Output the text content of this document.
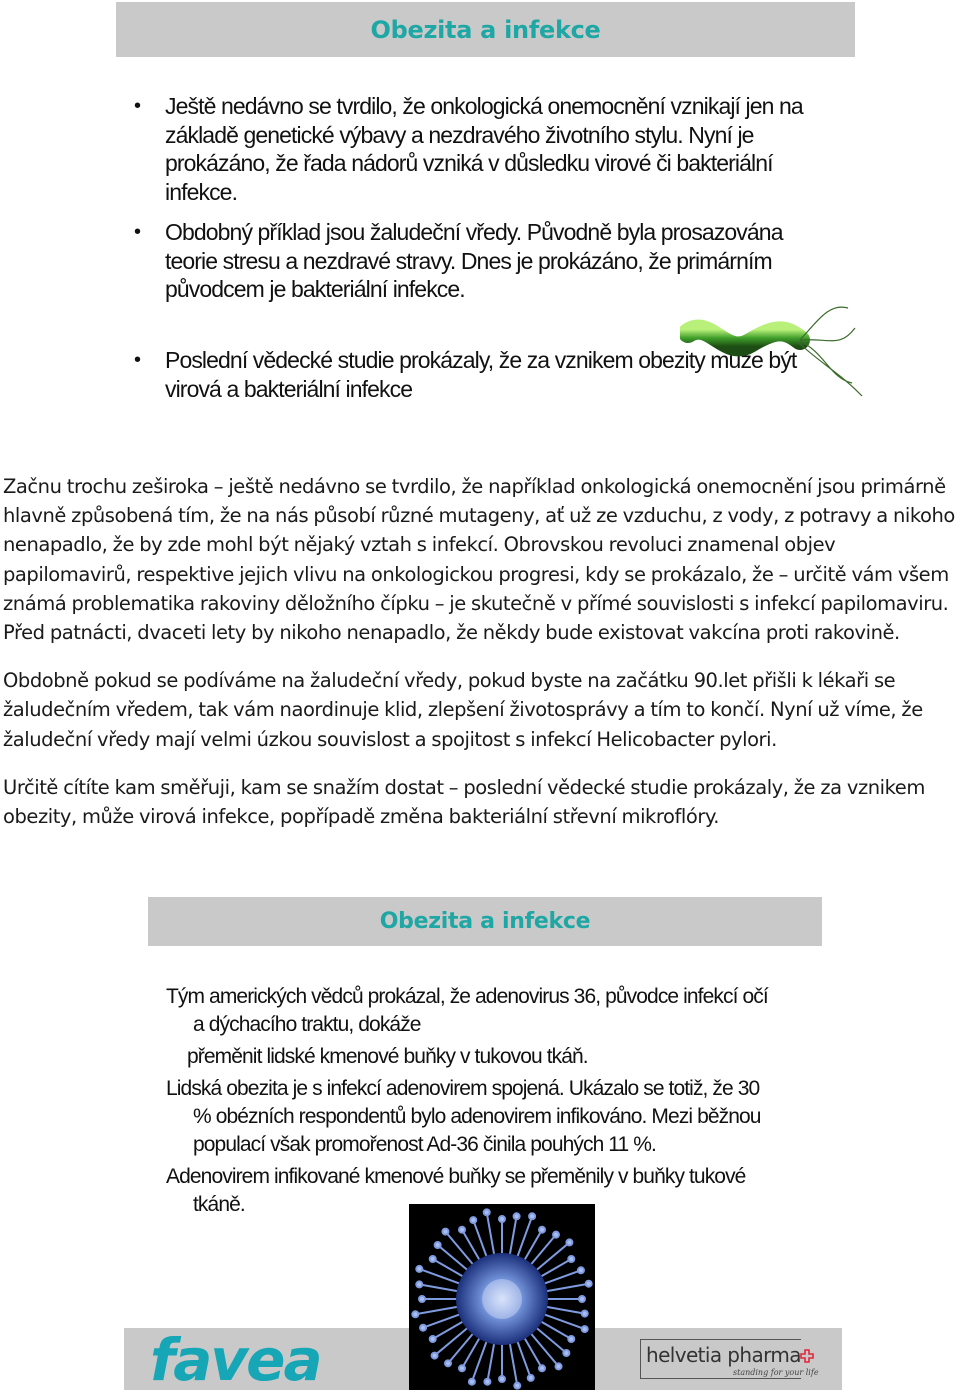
Obezita a infekce
• Ještě nedávno se tvrdilo, že onkologická onemocnění vznikají jen na základě genetické výbavy a nezdravého životního stylu. Nyní je prokázáno, že řada nádorů vzniká v důsledku virové či bakteriální infekce.
• Obdobný příklad jsou žaludeční vředy. Původně byla prosazována teorie stresu a nezdravé stravy. Dnes je prokázáno, že primárním původcem je bakteriální infekce.
• Poslední vědecké studie prokázaly, že za vznikem obezity může být virová a bakteriální infekce

Začnu trochu zeširoka – ještě nedávno se tvrdilo, že například onkologická onemocnění jsou primárně hlavně způsobená tím, že na nás působí různé mutageny, ať už ze vzduchu, z vody, z potravy a nikoho nenapadlo, že by zde mohl být nějaký vztah s infekcí. Obrovskou revoluci znamenal objev papilomavirů, respektive jejich vlivu na onkologickou progresi, kdy se prokázalo, že – určitě vám všem známá problematika rakoviny děložního čípku – je skutečně v přímé souvislosti s infekcí papilomaviru. Před patnácti, dvaceti lety by nikoho nenapadlo, že někdy bude existovat vakcína proti rakovině.

Obdobně pokud se podíváme na žaludeční vředy, pokud byste na začátku 90.let přišli k lékaři se žaludečním vředem, tak vám naordinuje klid, zlepšení životosprávy a tím to končí. Nyní už víme, že žaludeční vředy mají velmi úzkou souvislost a spojitost s infekcí Helicobacter pylori.

Určitě cítíte kam směřuji, kam se snažím dostat – poslední vědecké studie prokázaly, že za vznikem obezity, může virová infekce, popřípadě změna bakteriální střevní mikroflóry.

Obezita a infekce
Tým amerických vědců prokázal, že adenovirus 36, původce infekcí očí
a dýchacího traktu, dokáže
přeměnit lidské kmenové buňky v tukovou tkáň.
Lidská obezita je s infekcí adenovirem spojená. Ukázalo se totiž, že 30
% obézních respondentů bylo adenovirem infikováno. Mezi běžnou
populací však promořenost Ad-36 činila pouhých 11 %.
Adenovirem infikované kmenové buňky se přeměnily v buňky tukové
tkáně.
favea	helvetia pharma
standing for your life
